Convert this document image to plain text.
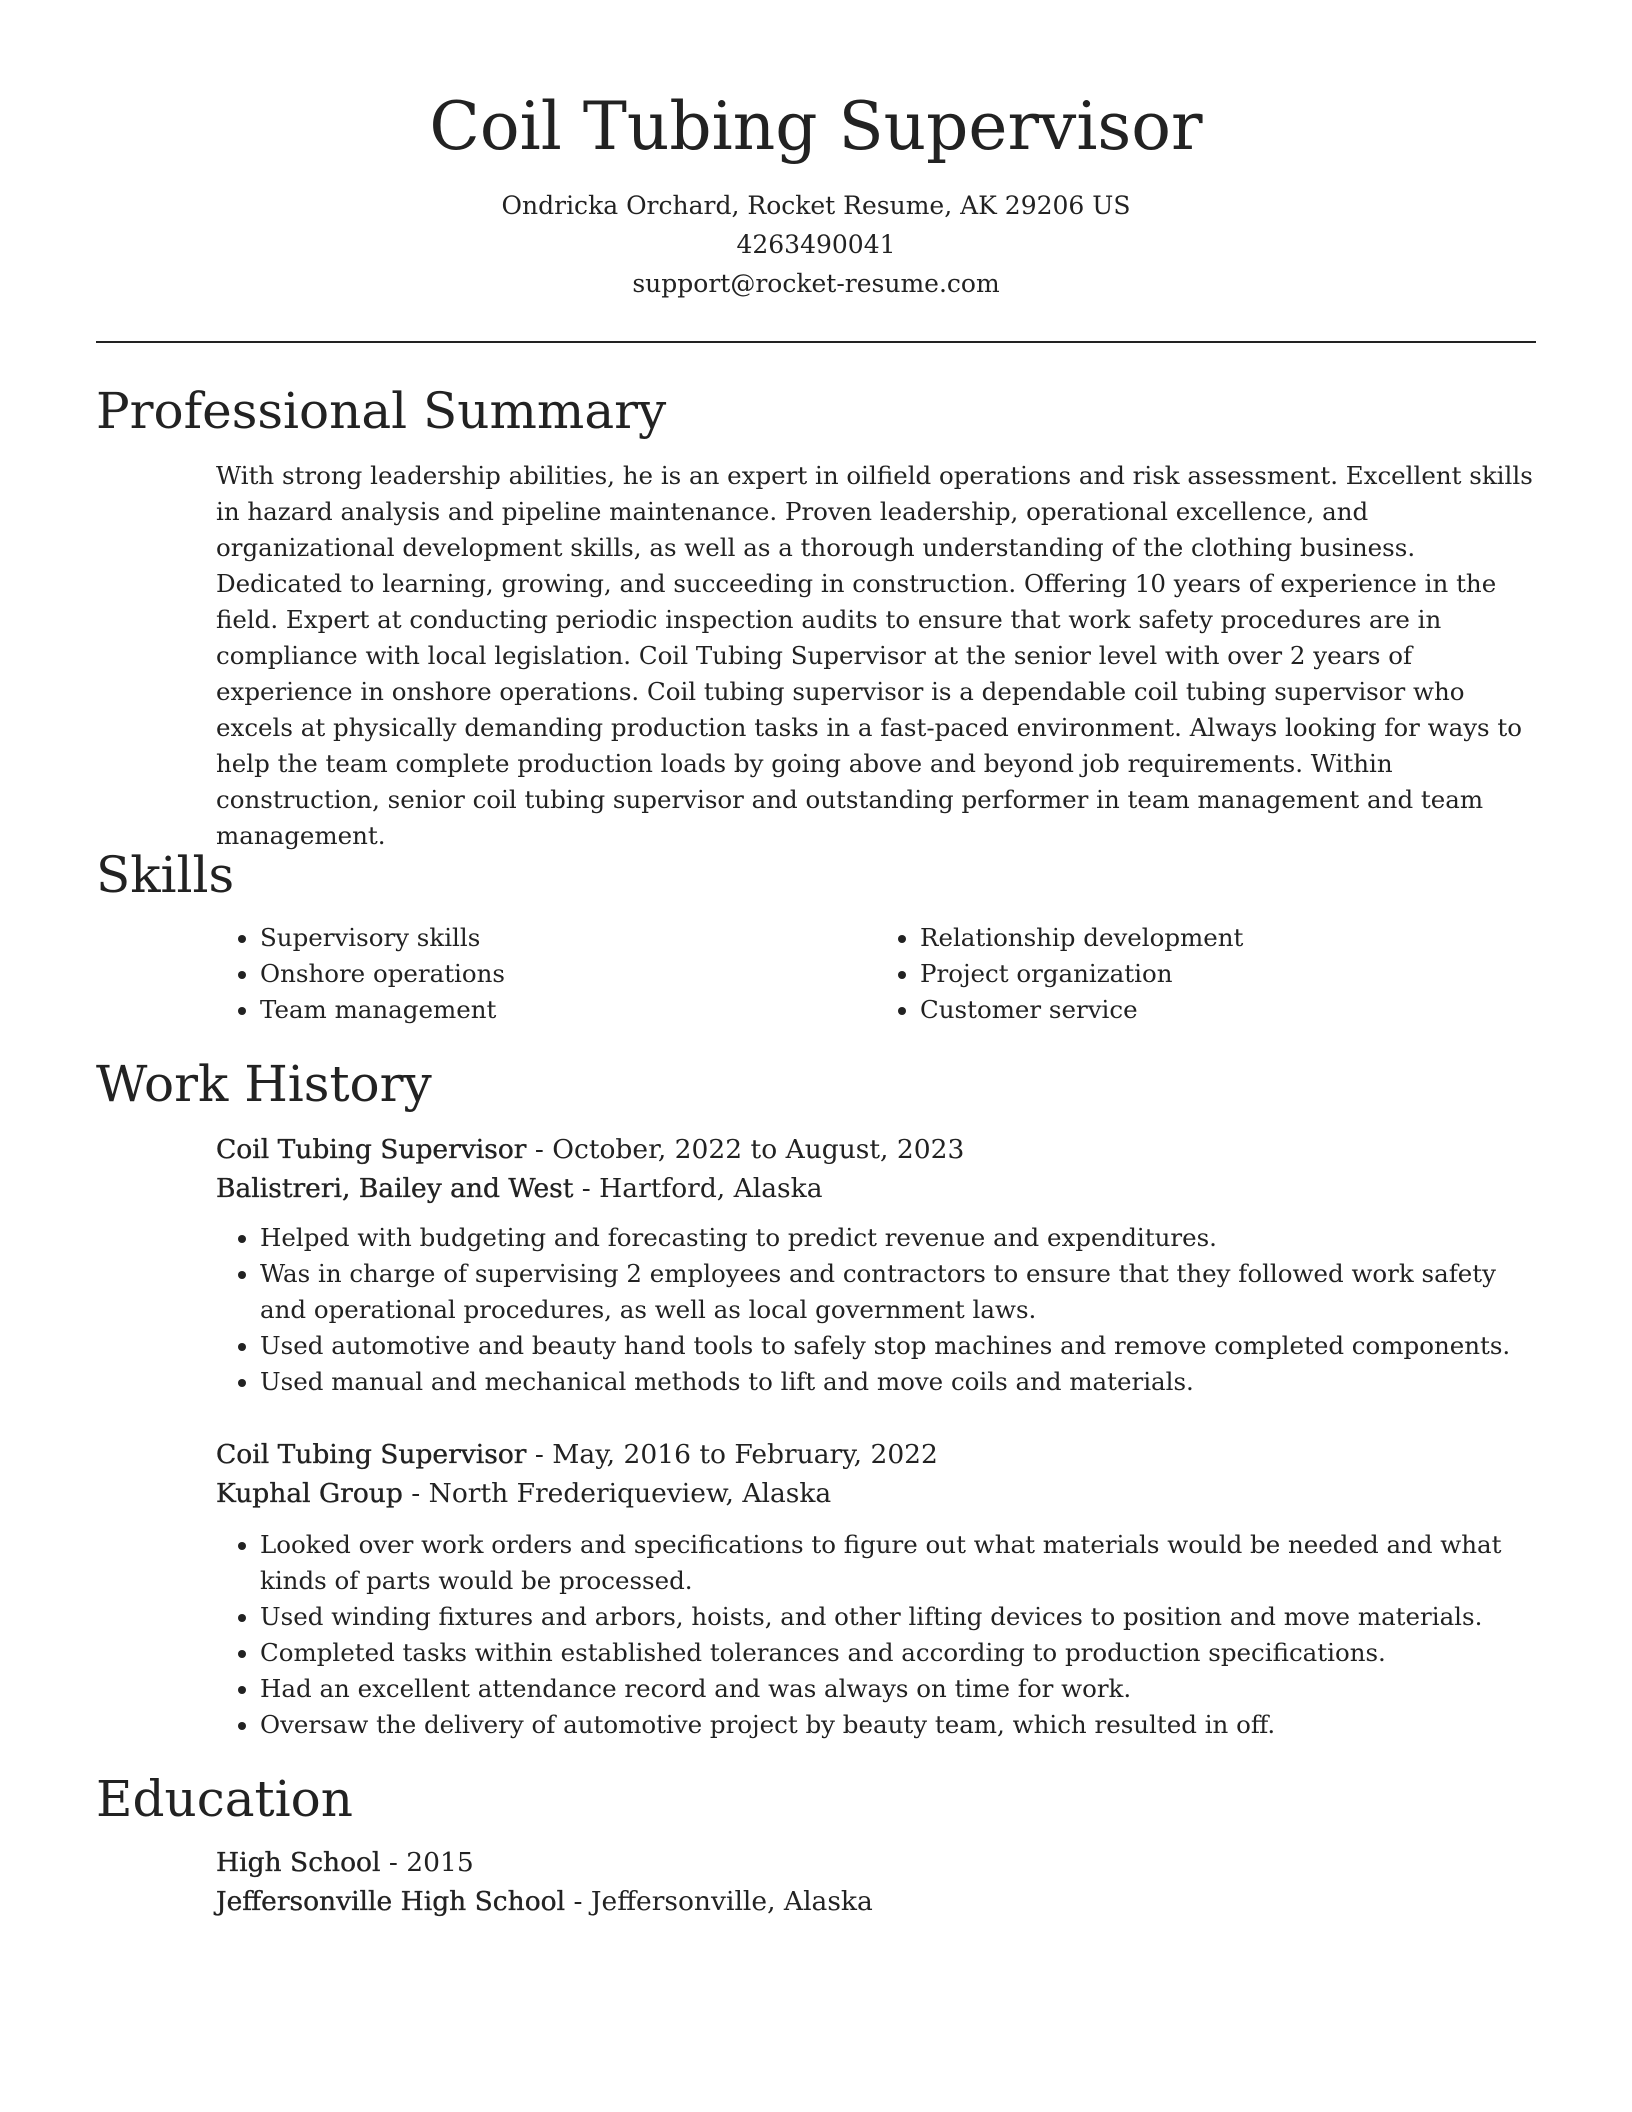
Coil Tubing Supervisor
Ondricka Orchard, Rocket Resume, AK 29206 US
4263490041
support@rocket-resume.com
Professional Summary

With strong leadership abilities, he is an expert in oilfield operations and risk assessment. Excellent skills in hazard analysis and pipeline maintenance. Proven leadership, operational excellence, and organizational development skills, as well as a thorough understanding of the clothing business. Dedicated to learning, growing, and succeeding in construction. Offering 10 years of experience in the field. Expert at conducting periodic inspection audits to ensure that work safety procedures are in compliance with local legislation. Coil Tubing Supervisor at the senior level with over 2 years of experience in onshore operations. Coil tubing supervisor is a dependable coil tubing supervisor who excels at physically demanding production tasks in a fast-paced environment. Always looking for ways to help the team complete production loads by going above and beyond job requirements. Within construction, senior coil tubing supervisor and outstanding performer in team management and team management.

Skills
• Supervisory skills
• Onshore operations
• Team management
• Relationship development
• Project organization
• Customer service
Work History
Coil Tubing Supervisor - October, 2022 to August, 2023
Balistreri, Bailey and West - Hartford, Alaska
• Helped with budgeting and forecasting to predict revenue and expenditures.
• Was in charge of supervising 2 employees and contractors to ensure that they followed work safety and operational procedures, as well as local government laws.
• Used automotive and beauty hand tools to safely stop machines and remove completed components.
• Used manual and mechanical methods to lift and move coils and materials.
Coil Tubing Supervisor - May, 2016 to February, 2022
Kuphal Group - North Frederiqueview, Alaska
• Looked over work orders and specifications to figure out what materials would be needed and what kinds of parts would be processed.
• Used winding fixtures and arbors, hoists, and other lifting devices to position and move materials.
• Completed tasks within established tolerances and according to production specifications.
• Had an excellent attendance record and was always on time for work.
• Oversaw the delivery of automotive project by beauty team, which resulted in off.
Education
High School - 2015
Jeffersonville High School - Jeffersonville, Alaska
